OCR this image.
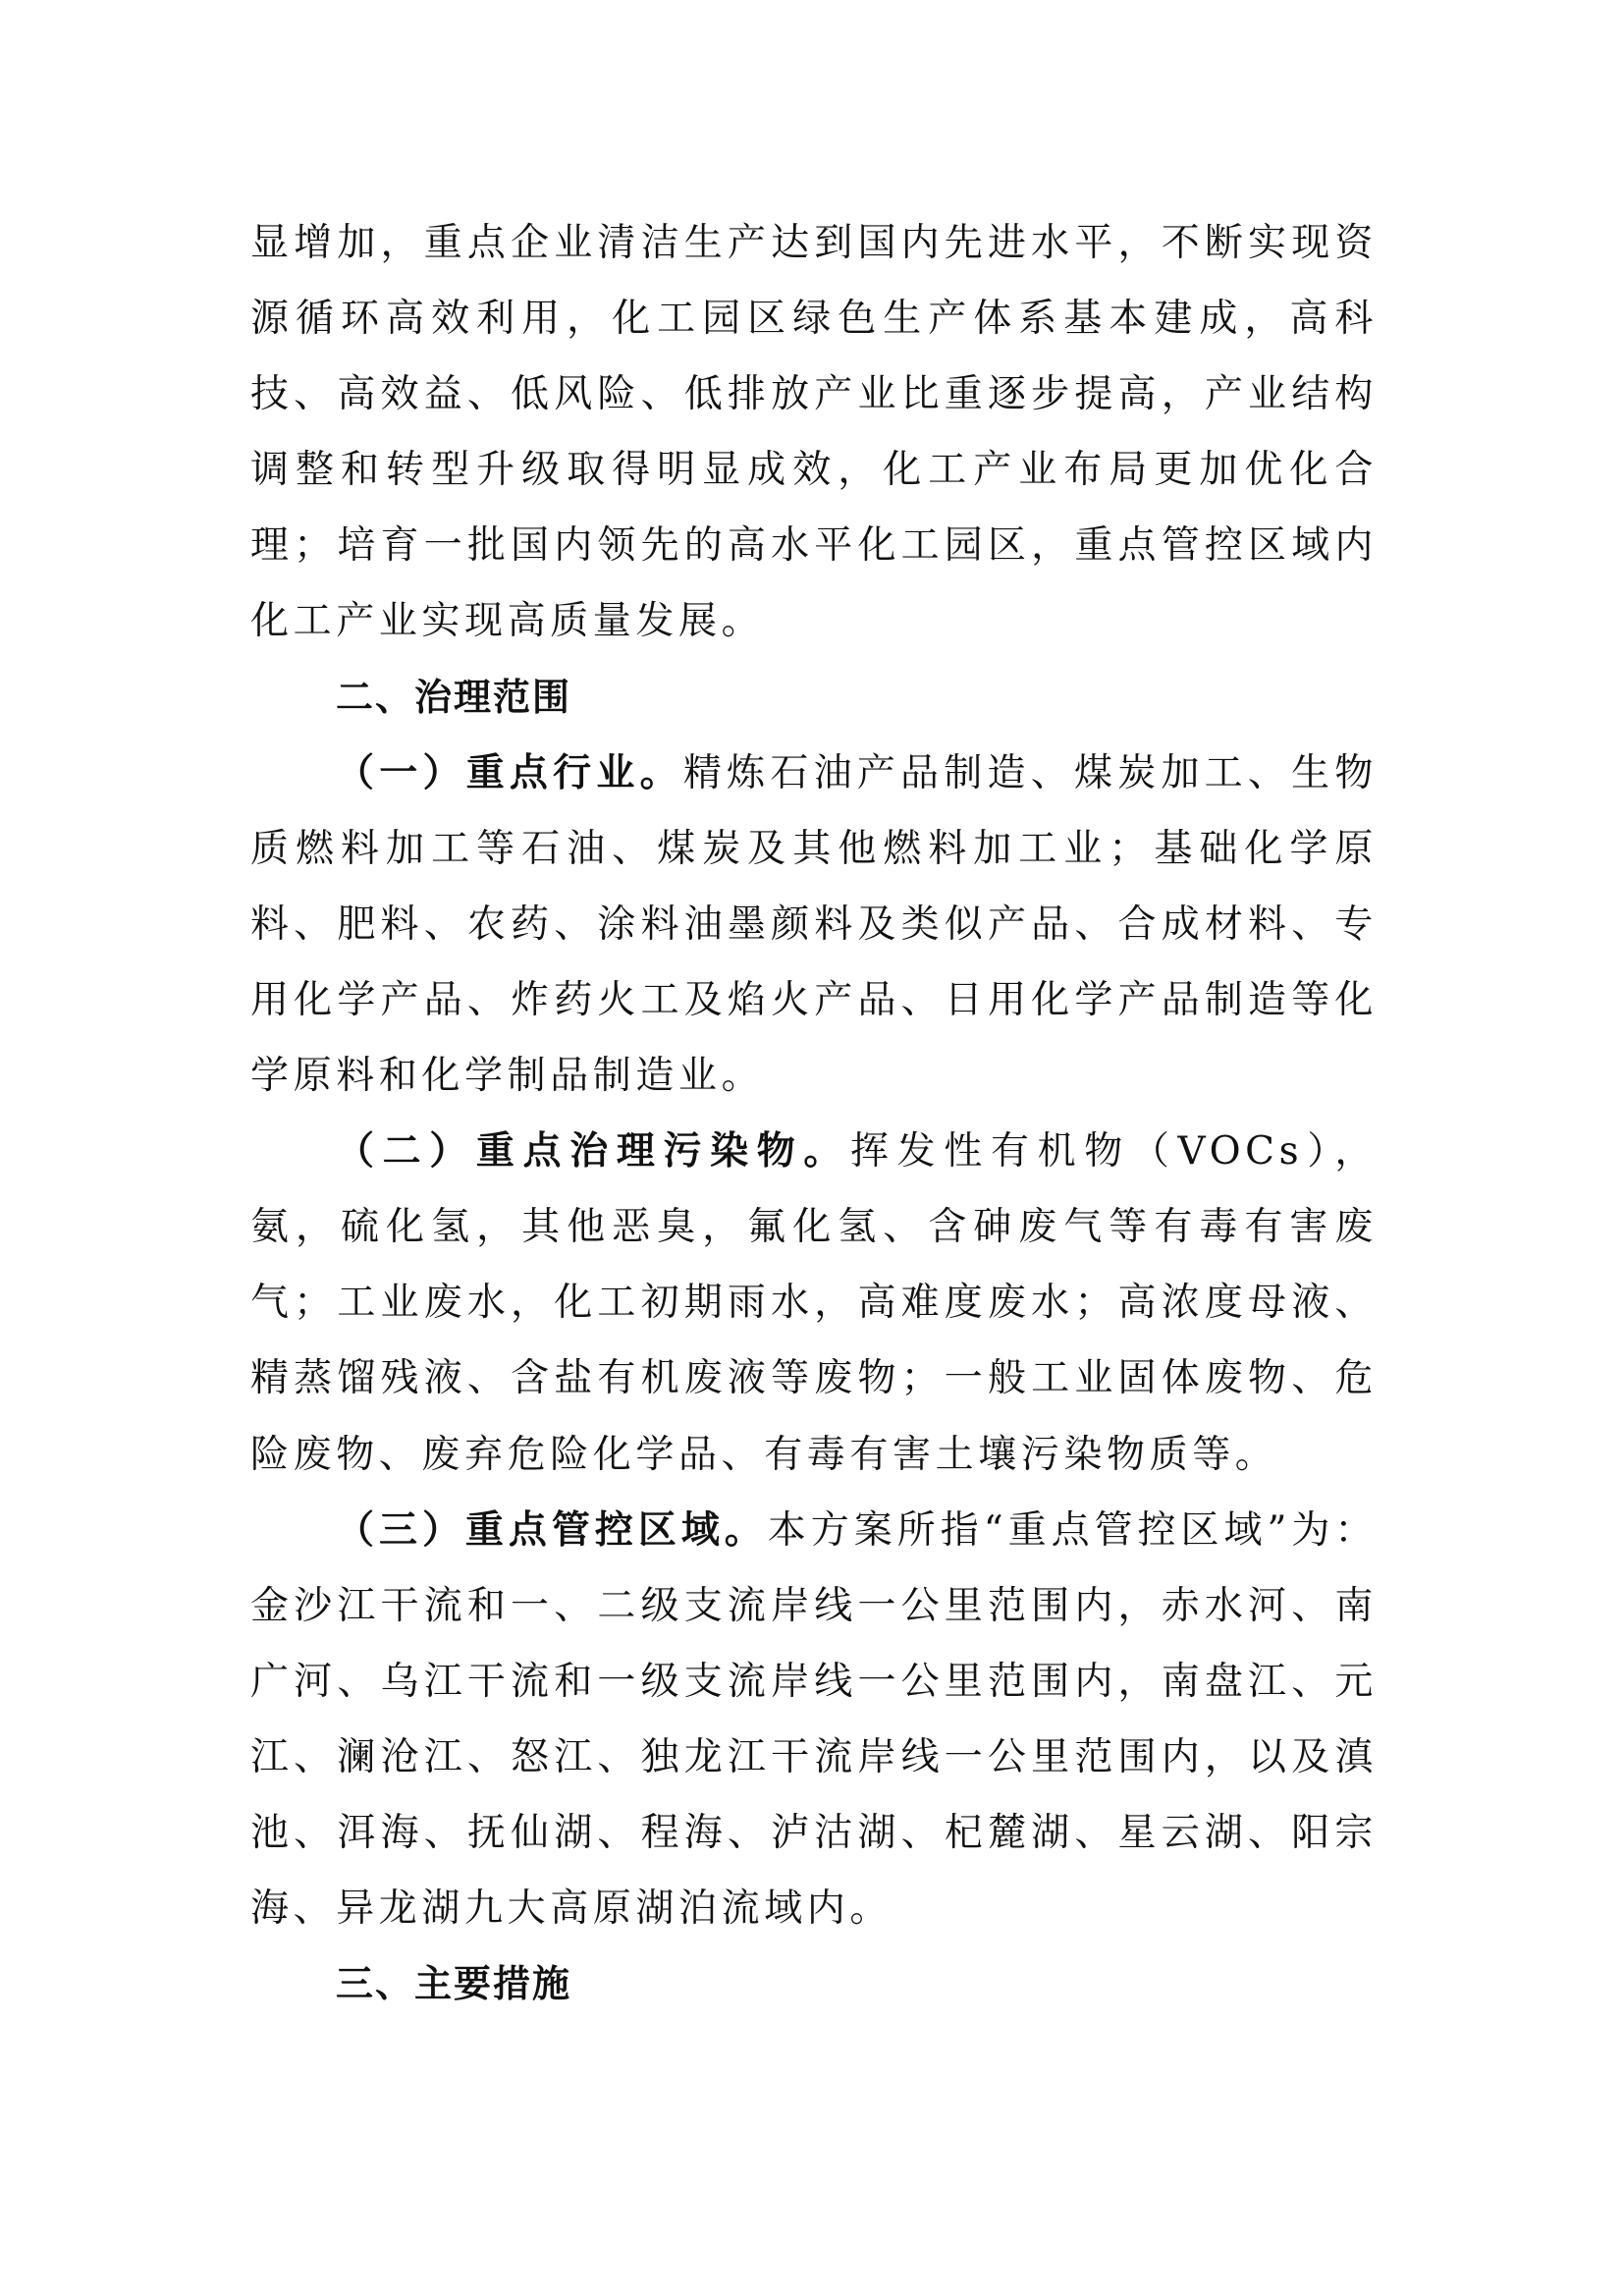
显增加，重点企业清洁生产达到国内先进水平，不断实现资源循环高效利用，化工园区绿色生产体系基本建成，高科技、高效益、低风险、低排放产业比重逐步提高，产业结构调整和转型升级取得明显成效，化工产业布局更加优化合理；培育一批国内领先的高水平化工园区，重点管控区域内化工产业实现高质量发展。

二、治理范围

（一）重点行业。精炼石油产品制造、煤炭加工、生物质燃料加工等石油、煤炭及其他燃料加工业；基础化学原料、肥料、农药、涂料油墨颜料及类似产品、合成材料、专用化学产品、炸药火工及焰火产品、日用化学产品制造等化学原料和化学制品制造业。

（二）重点治理污染物。挥发性有机物（VOCs），氨，硫化氢，其他恶臭，氟化氢、含砷废气等有毒有害废气；工业废水，化工初期雨水，高难度废水；高浓度母液、精蒸馏残液、含盐有机废液等废物；一般工业固体废物、危险废物、废弃危险化学品、有毒有害土壤污染物质等。

（三）重点管控区域。本方案所指“重点管控区域”为：金沙江干流和一、二级支流岸线一公里范围内，赤水河、南广河、乌江干流和一级支流岸线一公里范围内，南盘江、元江、澜沧江、怒江、独龙江干流岸线一公里范围内，以及滇池、洱海、抚仙湖、程海、泸沽湖、杞麓湖、星云湖、阳宗海、异龙湖九大高原湖泊流域内。

三、主要措施
